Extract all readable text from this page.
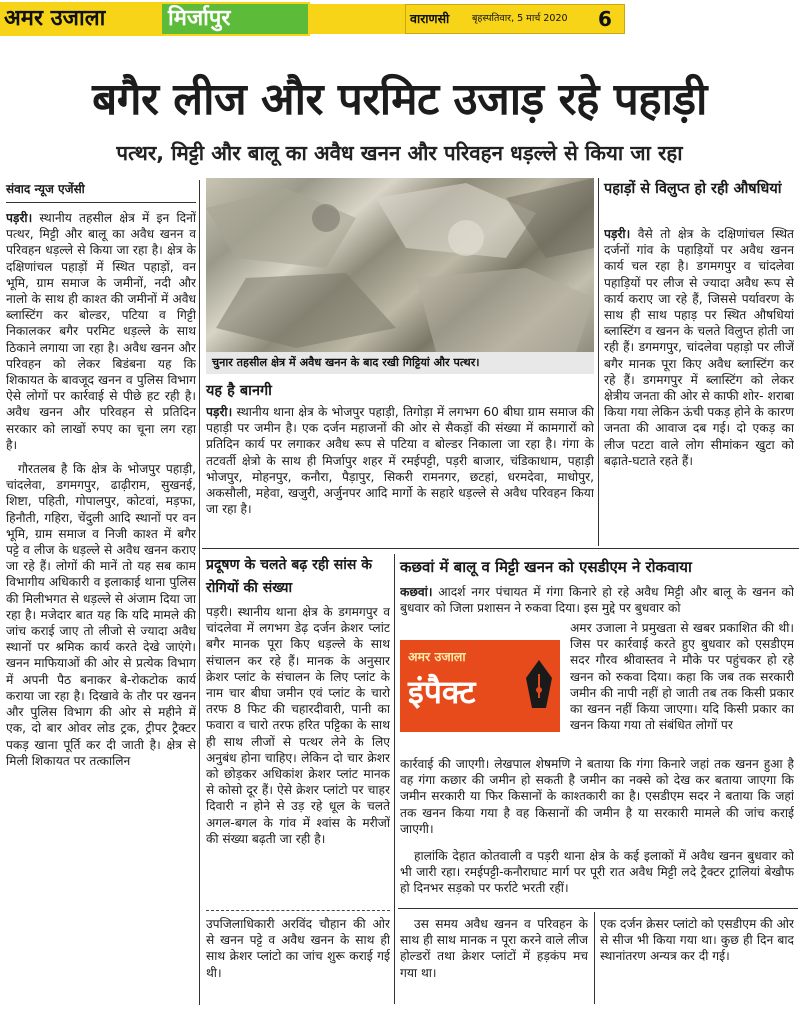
अमर उजाला	मिर्जापुर	वाराणसी	बृहस्पतिवार, 5 मार्च 2020	6
बगैर लीज और परमिट उजाड़ रहे पहाड़ी
पत्थर, मिट्टी और बालू का अवैध खनन और परिवहन धड़ल्ले से किया जा रहा
संवाद न्यूज एजेंसी
पड़री। स्थानीय तहसील क्षेत्र में इन दिनों पत्थर, मिट्टी और बालू का अवैध खनन व परिवहन धड़ल्ले से किया जा रहा है। क्षेत्र के दक्षिणांचल पहाड़ों में स्थित पहाड़ों, वन भूमि, ग्राम समाज के जमीनों, नदी और नालो के साथ ही काश्त की जमीनों में अवैध ब्लास्टिंग कर बोल्डर, पटिया व गिट्टी निकालकर बगैर परमिट धड़ल्ले के साथ ठिकाने लगाया जा रहा है। अवैध खनन और परिवहन को लेकर बिडंबना यह कि शिकायत के बावजूद खनन व पुलिस विभाग ऐसे लोगों पर कार्रवाई से पीछे हट रही है। अवैध खनन और परिवहन से प्रतिदिन सरकार को लाखों रुपए का चूना लग रहा है।
गौरतलब है कि क्षेत्र के भोजपुर पहाड़ी, चांदलेवा, डगमगपुर, ढाढ़ीराम, सुखनई, शिष्टा, पहिती, गोपालपुर, कोटवां, मड़फा, हिनौती, गहिरा, चेंदुली आदि स्थानों पर वन भूमि, ग्राम समाज व निजी काश्त में बगैर पट्टे व लीज के धड़ल्ले से अवैध खनन कराए जा रहे हैं। लोगों की मानें तो यह सब काम विभागीय अधिकारी व इलाकाई थाना पुलिस की मिलीभगत से धड़ल्ले से अंजाम दिया जा रहा है। मजेदार बात यह कि यदि मामले की जांच कराई जाए तो लीजो से ज्यादा अवैध स्थानों पर श्रमिक कार्य करते देखे जाएंगे। खनन माफियाओं की ओर से प्रत्येक विभाग में अपनी पैठ बनाकर बे-रोकटोक कार्य कराया जा रहा है। दिखावे के तौर पर खनन और पुलिस विभाग की ओर से महीने में एक, दो बार ओवर लोड ट्रक, ट्रीपर ट्रैक्टर पकड़ खाना पूर्ति कर दी जाती है। क्षेत्र से मिली शिकायत पर तत्कालिन
चुनार तहसील क्षेत्र में अवैध खनन के बाद रखी गिट्टियां और पत्थर।
यह है बानगी
पड़री। स्थानीय थाना क्षेत्र के भोजपुर पहाड़ी, तिगोड़ा में लगभग 60 बीघा ग्राम समाज की पहाड़ी पर जमीन है। एक दर्जन महाजनों की ओर से सैकड़ों की संख्या में कामगारों को प्रतिदिन कार्य पर लगाकर अवैध रूप से पटिया व बोल्डर निकाला जा रहा है। गंगा के तटवर्ती क्षेत्रो के साथ ही मिर्जापुर शहर में रमईपट्टी, पड़री बाजार, चंडिकाधाम, पहाड़ी भोजपुर, मोहनपुर, कनौरा, पैड़ापुर, सिकरी रामनगर, छटहां, धरमदेवा, माधोपुर, अकसौली, महेवा, खजुरी, अर्जुनपर आदि मार्गो के सहारे धड़ल्ले से अवैध परिवहन किया जा रहा है।
पहाड़ों से विलुप्त हो रही औषधियां
पड़री। वैसे तो क्षेत्र के दक्षिणांचल स्थित दर्जनों गांव के पहाड़ियों पर अवैध खनन कार्य चल रहा है। डगमगपुर व चांदलेवा पहाड़ियों पर लीज से ज्यादा अवैध रूप से कार्य कराए जा रहे हैं, जिससे पर्यावरण के साथ ही साथ पहाड़ पर स्थित औषधियां ब्लास्टिंग व खनन के चलते विलुप्त होती जा रही हैं। डगमगपुर, चांदलेवा पहाड़ो पर लीजें बगैर मानक पूरा किए अवैध ब्लास्टिंग कर रहे हैं। डगमगपुर में ब्लास्टिंग को लेकर क्षेत्रीय जनता की ओर से काफी शोर- शराबा किया गया लेकिन ऊंची पकड़ होने के कारण जनता की आवाज दब गई। दो एकड़ का लीज पटटा वाले लोग सीमांकन खुटा को बढ़ाते-घटाते रहते हैं।
प्रदूषण के चलते बढ़ रही सांस के रोगियों की संख्या
पड़री। स्थानीय थाना क्षेत्र के डगमगपुर व चांदलेवा में लगभग डेढ़ दर्जन क्रेशर प्लांट बगैर मानक पूरा किए धड़ल्ले के साथ संचालन कर रहे हैं। मानक के अनुसार क्रेशर प्लांट के संचालन के लिए प्लांट के नाम चार बीघा जमीन एवं प्लांट के चारो तरफ 8 फिट की चहारदीवारी, पानी का फवारा व चारो तरफ हरित पट्टिका के साथ ही साथ लीजों से पत्थर लेने के लिए अनुबंध होना चाहिए। लेकिन दो चार क्रेशर को छोड़कर अधिकांश क्रेशर प्लांट मानक से कोसो दूर हैं। ऐसे क्रेशर प्लांटो पर चाहर दिवारी न होने से उड़ रहे धूल के चलते अगल-बगल के गांव में श्वांस के मरीजों की संख्या बढ़ती जा रही है।
उपजिलाधिकारी अरविंद चौहान की ओर से खनन पट्टे व अवैध खनन के साथ ही साथ क्रेशर प्लांटो का जांच शुरू कराई गई थी।
कछवां में बालू व मिट्टी खनन को एसडीएम ने रोकवाया
कछवां। आदर्श नगर पंचायत में गंगा किनारे हो रहे अवैध मिट्टी और बालू के खनन को बुधवार को जिला प्रशासन ने रुकवा दिया। इस मुद्दे पर बुधवार को
अमर उजाला
इंपैक्ट
अमर उजाला ने प्रमुखता से खबर प्रकाशित की थी। जिस पर कार्रवाई करते हुए बुधवार को एसडीएम सदर गौरव श्रीवास्तव ने मौके पर पहुंचकर हो रहे खनन को रुकवा दिया। कहा कि जब तक सरकारी जमीन की नापी नहीं हो जाती तब तक किसी प्रकार का खनन नहीं किया जाएगा। यदि किसी प्रकार का खनन किया गया तो संबंधित लोगों पर
कार्रवाई की जाएगी। लेखपाल शेषमणि ने बताया कि गंगा किनारे जहां तक खनन हुआ है वह गंगा कछार की जमीन हो सकती है जमीन का नक्से को देख कर बताया जाएगा कि जमीन सरकारी या फिर किसानों के काश्तकारी का है। एसडीएम सदर ने बताया कि जहां तक खनन किया गया है वह किसानों की जमीन है या सरकारी मामले की जांच कराई जाएगी।
हालांकि देहात कोतवाली व पड़री थाना क्षेत्र के कई इलाकों में अवैध खनन बुधवार को भी जारी रहा। रमईपट्टी-कनौराघाट मार्ग पर पूरी रात अवैध मिट्टी लदे ट्रैक्टर ट्रालियां बेखौफ हो दिनभर सड़को पर फर्राटे भरती रहीं।
उस समय अवैध खनन व परिवहन के साथ ही साथ मानक न पूरा करने वाले लीज होल्डरों तथा क्रेशर प्लांटों में हड़कंप मच गया था।
एक दर्जन क्रेसर प्लांटो को एसडीएम की ओर से सीज भी किया गया था। कुछ ही दिन बाद स्थानांतरण अन्यत्र कर दी गई।
